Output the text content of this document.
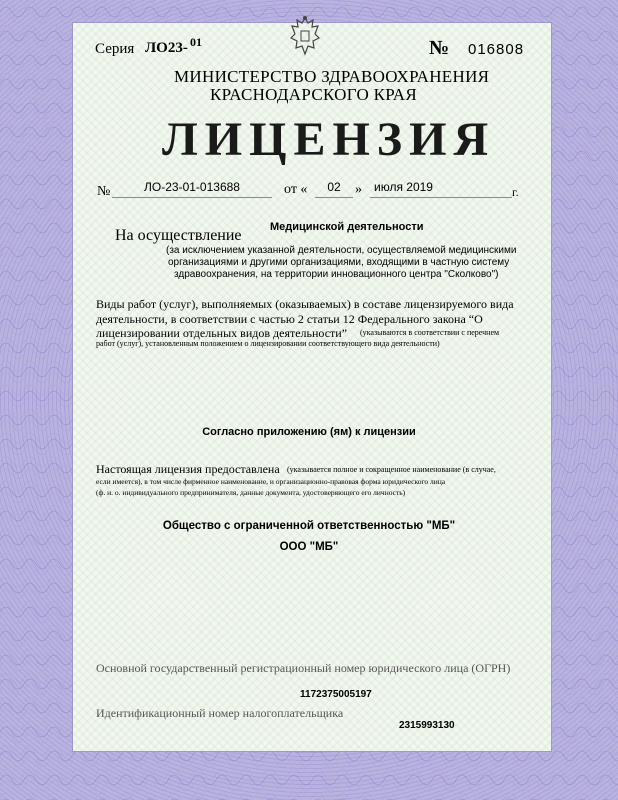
Серия ЛО23- 01	№ 016808
МИНИСТЕРСТВО ЗДРАВООХРАНЕНИЯ
КРАСНОДАРСКОГО КРАЯ
ЛИЦЕНЗИЯ
№	ЛО-23-01-013688	от «	02	»	июля 2019	г.
На осуществление	Медицинской деятельности
(за исключением указанной деятельности, осуществляемой медицинскими
организациями и другими организациями, входящими в частную систему
здравоохранения, на территории инновационного центра "Сколково")
Виды работ (услуг), выполняемых (оказываемых) в составе лицензируемого вида
деятельности, в соответствии с частью 2 статьи 12 Федерального закона “О
лицензировании отдельных видов деятельности” (указываются в соответствии с перечнем
работ (услуг), установленным положением о лицензировании соответствующего вида деятельности)
Согласно приложению (ям) к лицензии
Настоящая лицензия предоставлена (указывается полное и сокращенное наименование (в случае,
если имеется), в том числе фирменное наименование, и организационно-правовая форма юридического лица
(ф. и. о. индивидуального предпринимателя, данные документа, удостоверяющего его личность)
Общество с ограниченной ответственностью "МБ"
ООО "МБ"
Основной государственный регистрационный номер юридического лица (ОГРН)
1172375005197
Идентификационный номер налогоплательщика
2315993130
